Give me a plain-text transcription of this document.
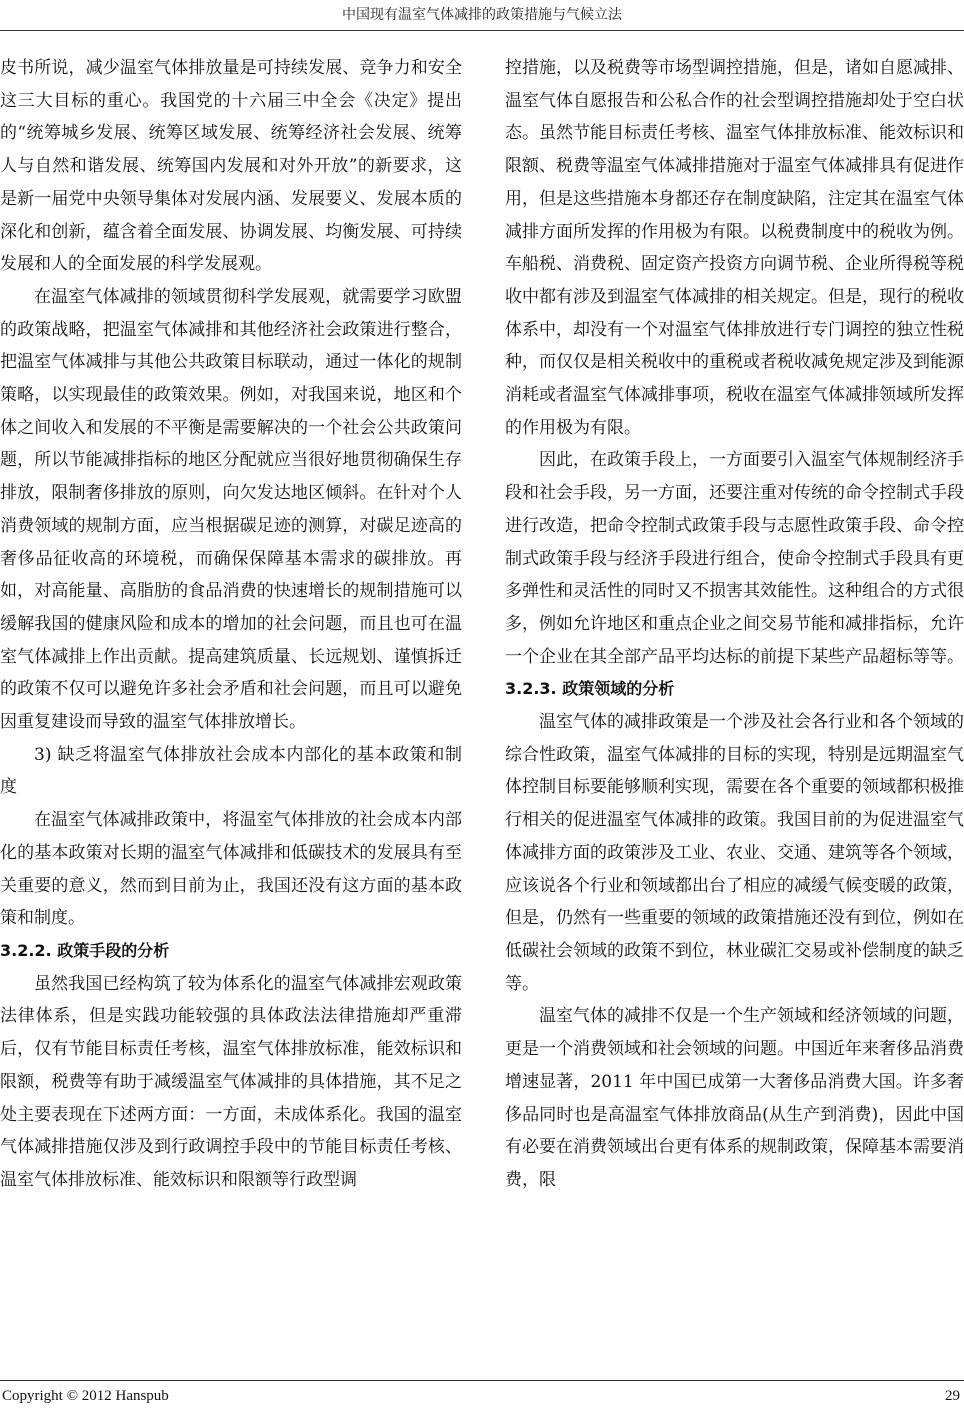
中国现有温室气体减排的政策措施与气候立法

皮书所说，减少温室气体排放量是可持续发展、竞争力和安全这三大目标的重心。我国党的十六届三中全会《决定》提出的“统筹城乡发展、统筹区域发展、统筹经济社会发展、统筹人与自然和谐发展、统筹国内发展和对外开放”的新要求，这是新一届党中央领导集体对发展内涵、发展要义、发展本质的深化和创新，蕴含着全面发展、协调发展、均衡发展、可持续发展和人的全面发展的科学发展观。

在温室气体减排的领域贯彻科学发展观，就需要学习欧盟的政策战略，把温室气体减排和其他经济社会政策进行整合，把温室气体减排与其他公共政策目标联动，通过一体化的规制策略，以实现最佳的政策效果。例如，对我国来说，地区和个体之间收入和发展的不平衡是需要解决的一个社会公共政策问题，所以节能减排指标的地区分配就应当很好地贯彻确保生存排放，限制奢侈排放的原则，向欠发达地区倾斜。在针对个人消费领域的规制方面，应当根据碳足迹的测算，对碳足迹高的奢侈品征收高的环境税，而确保保障基本需求的碳排放。再如，对高能量、高脂肪的食品消费的快速增长的规制措施可以缓解我国的健康风险和成本的增加的社会问题，而且也可在温室气体减排上作出贡献。提高建筑质量、长远规划、谨慎拆迁的政策不仅可以避免许多社会矛盾和社会问题，而且可以避免因重复建设而导致的温室气体排放增长。

3) 缺乏将温室气体排放社会成本内部化的基本政策和制度

在温室气体减排政策中，将温室气体排放的社会成本内部化的基本政策对长期的温室气体减排和低碳技术的发展具有至关重要的意义，然而到目前为止，我国还没有这方面的基本政策和制度。

3.2.2. 政策手段的分析

虽然我国已经构筑了较为体系化的温室气体减排宏观政策法律体系，但是实践功能较强的具体政法法律措施却严重滞后，仅有节能目标责任考核，温室气体排放标准，能效标识和限额，税费等有助于减缓温室气体减排的具体措施，其不足之处主要表现在下述两方面：一方面，未成体系化。我国的温室气体减排措施仅涉及到行政调控手段中的节能目标责任考核、温室气体排放标准、能效标识和限额等行政型调

控措施，以及税费等市场型调控措施，但是，诸如自愿减排、温室气体自愿报告和公私合作的社会型调控措施却处于空白状态。虽然节能目标责任考核、温室气体排放标准、能效标识和限额、税费等温室气体减排措施对于温室气体减排具有促进作用，但是这些措施本身都还存在制度缺陷，注定其在温室气体减排方面所发挥的作用极为有限。以税费制度中的税收为例。车船税、消费税、固定资产投资方向调节税、企业所得税等税收中都有涉及到温室气体减排的相关规定。但是，现行的税收体系中，却没有一个对温室气体排放进行专门调控的独立性税种，而仅仅是相关税收中的重税或者税收减免规定涉及到能源消耗或者温室气体减排事项，税收在温室气体减排领域所发挥的作用极为有限。

因此，在政策手段上，一方面要引入温室气体规制经济手段和社会手段，另一方面，还要注重对传统的命令控制式手段进行改造，把命令控制式政策手段与志愿性政策手段、命令控制式政策手段与经济手段进行组合，使命令控制式手段具有更多弹性和灵活性的同时又不损害其效能性。这种组合的方式很多，例如允许地区和重点企业之间交易节能和减排指标，允许一个企业在其全部产品平均达标的前提下某些产品超标等等。

3.2.3. 政策领域的分析

温室气体的减排政策是一个涉及社会各行业和各个领域的综合性政策，温室气体减排的目标的实现，特别是远期温室气体控制目标要能够顺利实现，需要在各个重要的领域都积极推行相关的促进温室气体减排的政策。我国目前的为促进温室气体减排方面的政策涉及工业、农业、交通、建筑等各个领域，应该说各个行业和领域都出台了相应的减缓气候变暖的政策，但是，仍然有一些重要的领域的政策措施还没有到位，例如在低碳社会领域的政策不到位，林业碳汇交易或补偿制度的缺乏等。

温室气体的减排不仅是一个生产领域和经济领域的问题，更是一个消费领域和社会领域的问题。中国近年来奢侈品消费增速显著，2011 年中国已成第一大奢侈品消费大国。许多奢侈品同时也是高温室气体排放商品(从生产到消费)，因此中国有必要在消费领域出台更有体系的规制政策，保障基本需要消费，限

Copyright © 2012 Hanspub	29
